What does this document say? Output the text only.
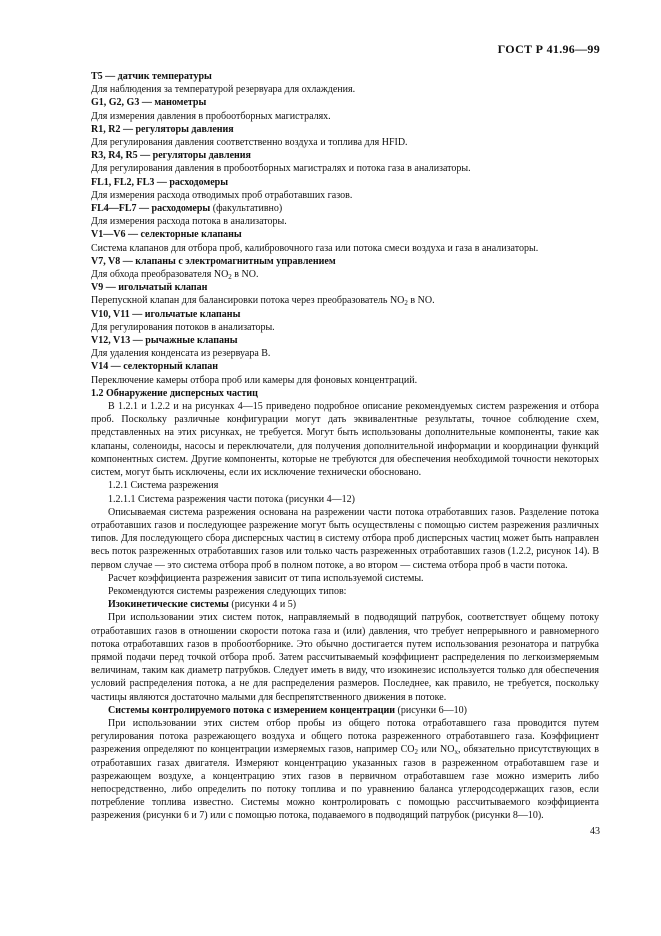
ГОСТ Р 41.96—99

T5 — датчик температуры

Для наблюдения за температурой резервуара для охлаждения.

G1, G2, G3 — манометры

Для измерения давления в пробоотборных магистралях.

R1, R2 — регуляторы давления

Для регулирования давления соответственно воздуха и топлива для HFID.

R3, R4, R5 — регуляторы давления

Для регулирования давления в пробоотборных магистралях и потока газа в анализаторы.

FL1, FL2, FL3 — расходомеры

Для измерения расхода отводимых проб отработавших газов.

FL4—FL7 — расходомеры (факультативно)

Для измерения расхода потока в анализаторы.

V1—V6 — селекторные клапаны

Система клапанов для отбора проб, калибровочного газа или потока смеси воздуха и газа в анализаторы.

V7, V8 — клапаны с электромагнитным управлением

Для обхода преобразователя $NO_2$ в NO.

V9 — игольчатый клапан

Перепускной клапан для балансировки потока через преобразователь $NO_2$ в NO.

V10, V11 — игольчатые клапаны

Для регулирования потоков в анализаторы.

V12, V13 — рычажные клапаны

Для удаления конденсата из резервуара B.

V14 — селекторный клапан

Переключение камеры отбора проб или камеры для фоновых концентраций.

1.2 Обнаружение дисперсных частиц

В 1.2.1 и 1.2.2 и на рисунках 4—15 приведено подробное описание рекомендуемых систем разрежения и отбора проб. Поскольку различные конфигурации могут дать эквивалентные результаты, точное соблюдение схем, представленных на этих рисунках, не требуется. Могут быть использованы дополнительные компоненты, такие как клапаны, соленоиды, насосы и переключатели, для получения дополнительной информации и координации функций компонентных систем. Другие компоненты, которые не требуются для обеспечения необходимой точности некоторых систем, могут быть исключены, если их исключение технически обосновано.

1.2.1 Система разрежения

1.2.1.1 Система разрежения части потока (рисунки 4—12)

Описываемая система разрежения основана на разрежении части потока отработавших газов. Разделение потока отработавших газов и последующее разрежение могут быть осуществлены с помощью систем разрежения различных типов. Для последующего сбора дисперсных частиц в систему отбора проб дисперсных частиц может быть направлен весь поток разреженных отработавших газов или только часть разреженных отработавших газов (1.2.2, рисунок 14). В первом случае — это система отбора проб в полном потоке, а во втором — система отбора проб в части потока.

Расчет коэффициента разрежения зависит от типа используемой системы.

Рекомендуются системы разрежения следующих типов:

Изокинетические системы (рисунки 4 и 5)

При использовании этих систем поток, направляемый в подводящий патрубок, соответствует общему потоку отработавших газов в отношении скорости потока газа и (или) давления, что требует непрерывного и равномерного потока отработавших газов в пробоотборнике. Это обычно достигается путем использования резонатора и патрубка прямой подачи перед точкой отбора проб. Затем рассчитываемый коэффициент распределения по легкоизмеряемым величинам, таким как диаметр патрубков. Следует иметь в виду, что изокинезис используется только для обеспечения условий распределения потока, а не для распределения размеров. Последнее, как правило, не требуется, поскольку частицы являются достаточно малыми для беспрепятственного движения в потоке.

Системы контролируемого потока с измерением концентрации (рисунки 6—10)

При использовании этих систем отбор пробы из общего потока отработавшего газа проводится путем регулирования потока разрежающего воздуха и общего потока разреженного отработавшего газа. Коэффициент разрежения определяют по концентрации измеряемых газов, например $CO_2$ или $NO_x$, обязательно присутствующих в отработавших газах двигателя. Измеряют концентрацию указанных газов в разреженном отработавшем газе и разрежающем воздухе, а концентрацию этих газов в первичном отработавшем газе можно измерить либо непосредственно, либо определить по потоку топлива и по уравнению баланса углеродсодержащих газов, если потребление топлива известно. Системы можно контролировать с помощью рассчитываемого коэффициента разрежения (рисунки 6 и 7) или с помощью потока, подаваемого в подводящий патрубок (рисунки 8—10).

43
